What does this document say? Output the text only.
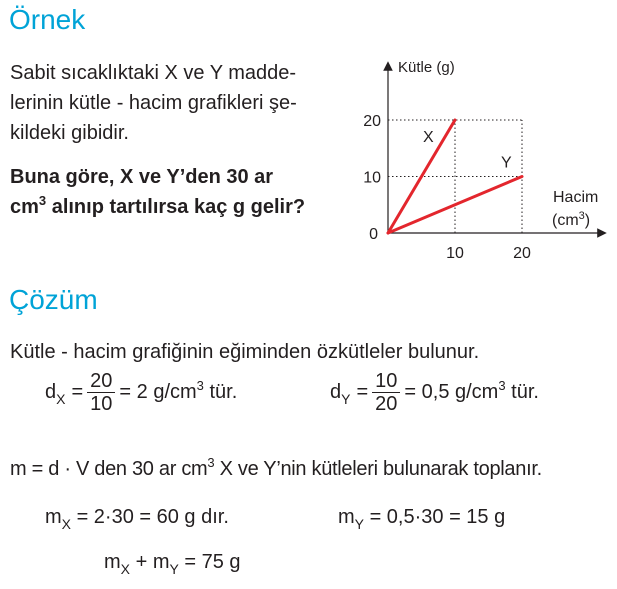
Örnek
Sabit sıcaklıktaki X ve Y madde-
lerinin kütle - hacim grafikleri şe-
kildeki gibidir.
Buna göre, X ve Y’den 30 ar
$cm^3$ alınıp tartılırsa kaç g gelir?
X
Y
10
20
10	20
0
Kütle (g)
Hacim
$(cm^3)$
Çözüm
Kütle - hacim grafiğinin eğiminden özkütleler bulunur.
$d_X = \frac{20}{10} = 2$ $g/cm^3$ tür.	$d_Y = \frac{10}{20} = 0,5$ $g/cm^3$ tür.
m = d · V den 30 ar $cm^3$ X ve Y’nin kütleleri bulunarak toplanır.
$m_X = 2\cdot 30 = 60$ g dır.	$m_Y = 0,5\cdot 30 = 15$ g
$m_X + m_Y = 75$ g
